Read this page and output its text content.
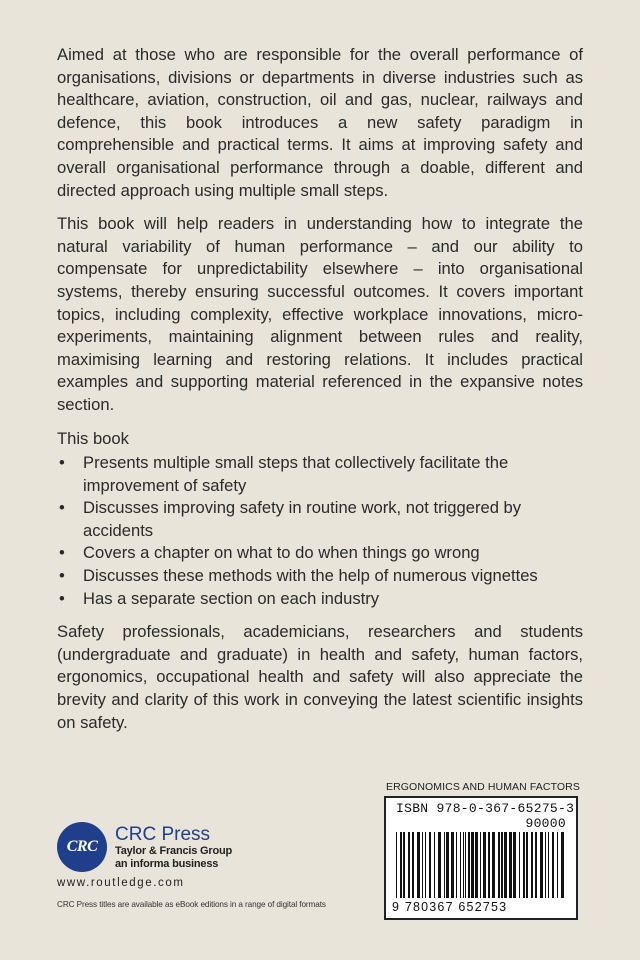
Aimed at those who are responsible for the overall performance of organisations, divisions or departments in diverse industries such as healthcare, aviation, construction, oil and gas, nuclear, railways and defence, this book introduces a new safety paradigm in comprehensible and practical terms. It aims at improving safety and overall organisational performance through a doable, different and directed approach using multiple small steps.

This book will help readers in understanding how to integrate the natural variability of human performance – and our ability to compensate for unpredictability elsewhere – into organisational systems, thereby ensuring successful outcomes. It covers important topics, including complexity, effective workplace innovations, micro-experiments, maintaining alignment between rules and reality, maximising learning and restoring relations. It includes practical examples and supporting material referenced in the expansive notes section.

This book

• Presents multiple small steps that collectively facilitate the improvement of safety
• Discusses improving safety in routine work, not triggered by accidents
• Covers a chapter on what to do when things go wrong
• Discusses these methods with the help of numerous vignettes
• Has a separate section on each industry

Safety professionals, academicians, researchers and students (undergraduate and graduate) in health and safety, human factors, ergonomics, occupational health and safety will also appreciate the brevity and clarity of this work in conveying the latest scientific insights on safety.

CRC
CRC Press
Taylor & Francis Group
an informa business
www.routledge.com
CRC Press titles are available as eBook editions in a range of digital formats
ERGONOMICS AND HUMAN FACTORS
ISBN 978-0-367-65275-3
90000
9 780367 652753
